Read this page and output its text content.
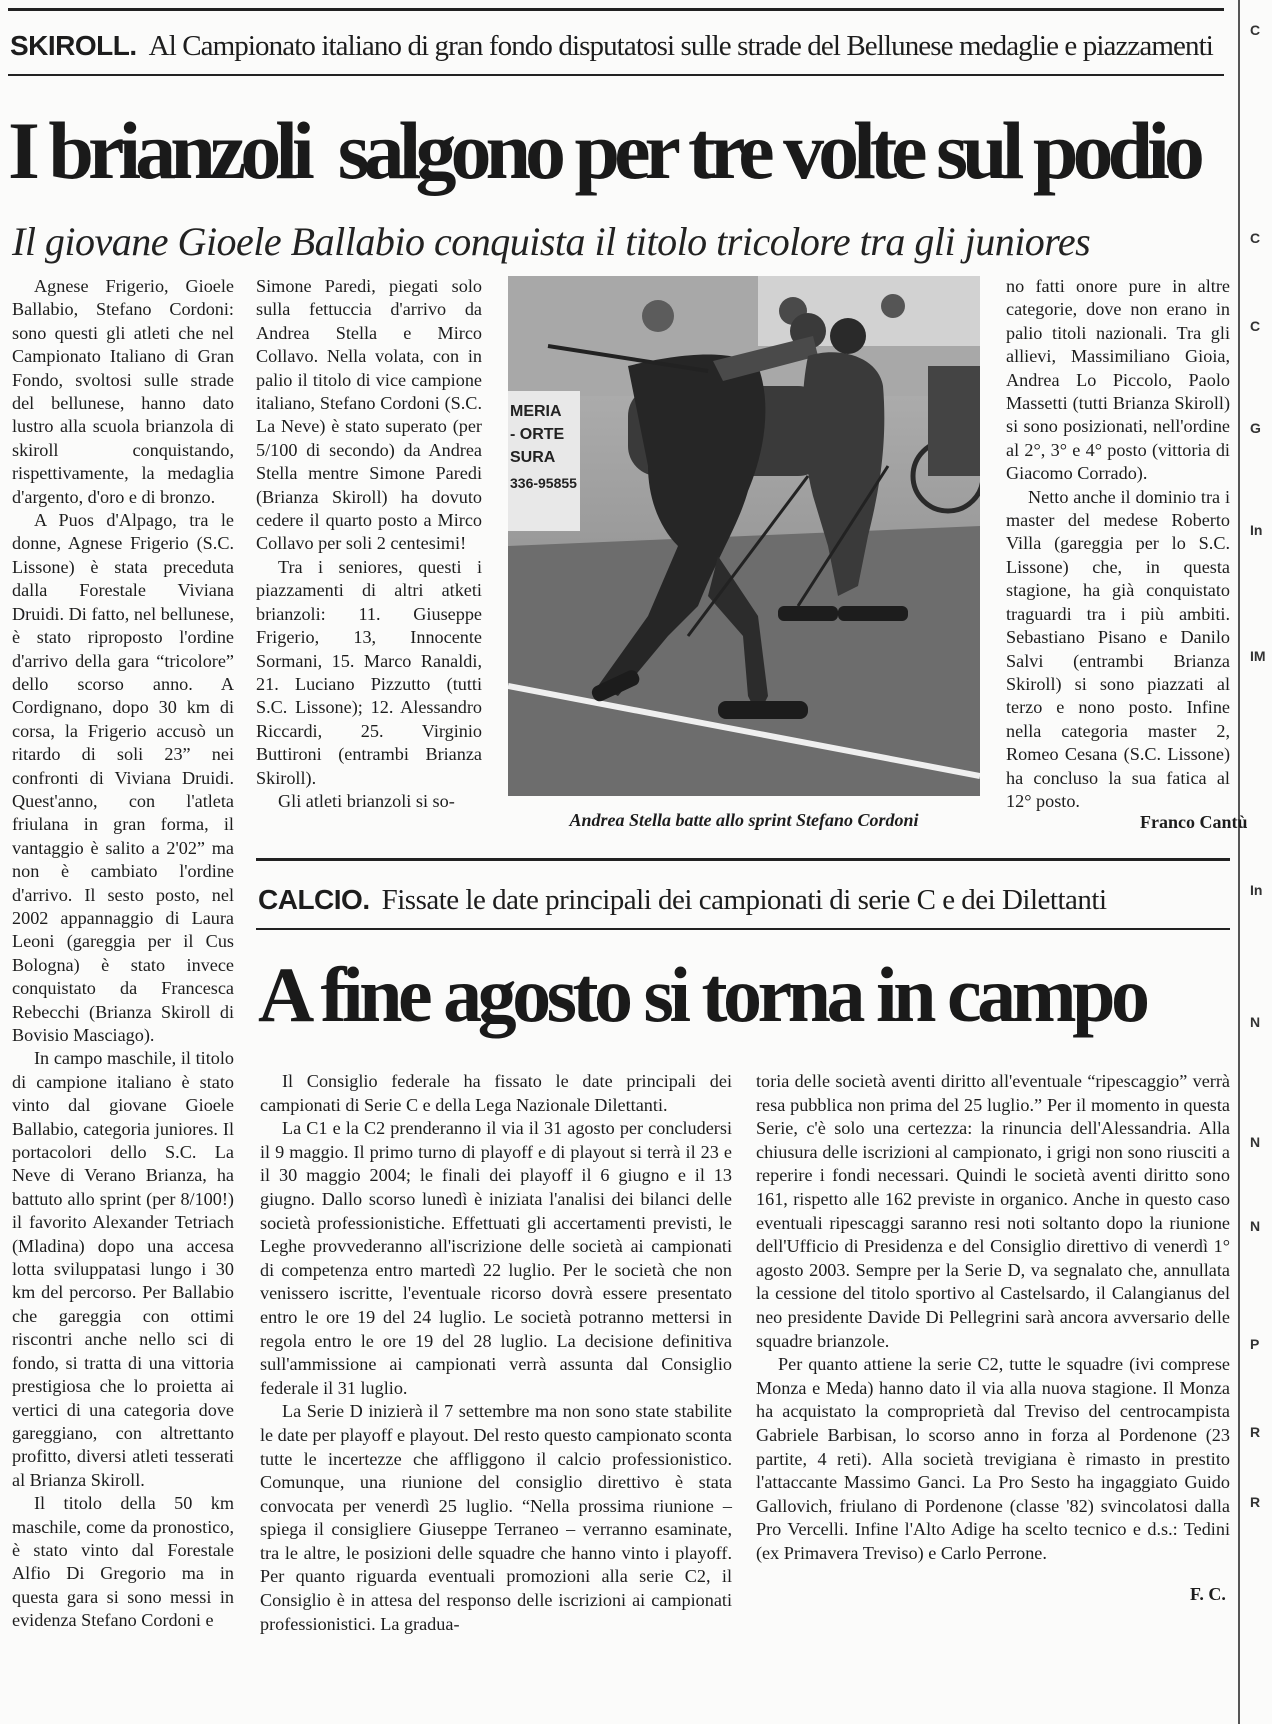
SKIROLL. Al Campionato italiano di gran fondo disputatosi sulle strade del Bellunese medaglie e piazzamenti
I brianzoli  salgono per tre volte sul podio
Il giovane Gioele Ballabio conquista il titolo tricolore tra gli juniores

Agnese Frigerio, Gioele Ballabio, Stefano Cordoni: sono questi gli atleti che nel Campionato Italiano di Gran Fondo, svoltosi sulle strade del bellunese, hanno dato lustro alla scuola brianzola di skiroll conquistando, rispettivamente, la medaglia d'argento, d'oro e di bronzo.

A Puos d'Alpago, tra le donne, Agnese Frigerio (S.C. Lissone) è stata preceduta dalla Forestale Viviana Druidi. Di fatto, nel bellunese, è stato riproposto l'ordine d'arrivo della gara “tricolore” dello scorso anno. A Cordignano, dopo 30 km di corsa, la Frigerio accusò un ritardo di soli 23” nei confronti di Viviana Druidi. Quest'anno, con l'atleta friulana in gran forma, il vantaggio è salito a 2'02” ma non è cambiato l'ordine d'arrivo. Il sesto posto, nel 2002 appannaggio di Laura Leoni (gareggia per il Cus Bologna) è stato invece conquistato da Francesca Rebecchi (Brianza Skiroll di Bovisio Masciago).

In campo maschile, il titolo di campione italiano è stato vinto dal giovane Gioele Ballabio, categoria juniores. Il portacolori dello S.C. La Neve di Verano Brianza, ha battuto allo sprint (per 8/100!) il favorito Alexander Tetriach (Mladina) dopo una accesa lotta sviluppatasi lungo i 30 km del percorso. Per Ballabio che gareggia con ottimi riscontri anche nello sci di fondo, si tratta di una vittoria prestigiosa che lo proietta ai vertici di una categoria dove gareggiano, con altrettanto profitto, diversi atleti tesserati al Brianza Skiroll.

Il titolo della 50 km maschile, come da pronostico, è stato vinto dal Forestale Alfio Di Gregorio ma in questa gara si sono messi in evidenza Stefano Cordoni e

Simone Paredi, piegati solo sulla fettuccia d'arrivo da Andrea Stella e Mirco Collavo. Nella volata, con in palio il titolo di vice campione italiano, Stefano Cordoni (S.C. La Neve) è stato superato (per 5/100 di secondo) da Andrea Stella mentre Simone Paredi (Brianza Skiroll) ha dovuto cedere il quarto posto a Mirco Collavo per soli 2 centesimi!

Tra i seniores, questi i piazzamenti di altri atketi brianzoli: 11. Giuseppe Frigerio, 13, Innocente Sormani, 15. Marco Ranaldi, 21. Luciano Pizzutto (tutti S.C. Lissone); 12. Alessandro Riccardi, 25. Virginio Buttironi (entrambi Brianza Skiroll).

Gli atleti brianzoli si so-

MERIA
- ORTE
SURA
336-95855
Andrea Stella batte allo sprint Stefano Cordoni

no fatti onore pure in altre categorie, dove non erano in palio titoli nazionali. Tra gli allievi, Massimiliano Gioia, Andrea Lo Piccolo, Paolo Massetti (tutti Brianza Skiroll) si sono posizionati, nell'ordine al 2°, 3° e 4° posto (vittoria di Giacomo Corrado).

Netto anche il dominio tra i master del medese Roberto Villa (gareggia per lo S.C. Lissone) che, in questa stagione, ha già conquistato traguardi tra i più ambiti. Sebastiano Pisano e Danilo Salvi (entrambi Brianza Skiroll) si sono piazzati al terzo e nono posto. Infine nella categoria master 2, Romeo Cesana (S.C. Lissone) ha concluso la sua fatica al 12° posto.

Franco Cantù
CALCIO. Fissate le date principali dei campionati di serie C e dei Dilettanti
A fine agosto si torna in campo

Il Consiglio federale ha fissato le date principali dei campionati di Serie C e della Lega Nazionale Dilettanti.

La C1 e la C2 prenderanno il via il 31 agosto per concludersi il 9 maggio. Il primo turno di playoff e di playout si terrà il 23 e il 30 maggio 2004; le finali dei playoff il 6 giugno e il 13 giugno. Dallo scorso lunedì è iniziata l'analisi dei bilanci delle società professionistiche. Effettuati gli accertamenti previsti, le Leghe provvederanno all'iscrizione delle società ai campionati di competenza entro martedì 22 luglio. Per le società che non venissero iscritte, l'eventuale ricorso dovrà essere presentato entro le ore 19 del 24 luglio. Le società potranno mettersi in regola entro le ore 19 del 28 luglio. La decisione definitiva sull'ammissione ai campionati verrà assunta dal Consiglio federale il 31 luglio.

La Serie D inizierà il 7 settembre ma non sono state stabilite le date per playoff e playout. Del resto questo campionato sconta tutte le incertezze che affliggono il calcio professionistico. Comunque, una riunione del consiglio direttivo è stata convocata per venerdì 25 luglio. “Nella prossima riunione – spiega il consigliere Giuseppe Terraneo – verranno esaminate, tra le altre, le posizioni delle squadre che hanno vinto i playoff. Per quanto riguarda eventuali promozioni alla serie C2, il Consiglio è in attesa del responso delle iscrizioni ai campionati professionistici. La gradua-

toria delle società aventi diritto all'eventuale “ripescaggio” verrà resa pubblica non prima del 25 luglio.” Per il momento in questa Serie, c'è solo una certezza: la rinuncia dell'Alessandria. Alla chiusura delle iscrizioni al campionato, i grigi non sono riusciti a reperire i fondi necessari. Quindi le società aventi diritto sono 161, rispetto alle 162 previste in organico. Anche in questo caso eventuali ripescaggi saranno resi noti soltanto dopo la riunione dell'Ufficio di Presidenza e del Consiglio direttivo di venerdì 1° agosto 2003. Sempre per la Serie D, va segnalato che, annullata la cessione del titolo sportivo al Castelsardo, il Calangianus del neo presidente Davide Di Pellegrini sarà ancora avversario delle squadre brianzole.

Per quanto attiene la serie C2, tutte le squadre (ivi comprese Monza e Meda) hanno dato il via alla nuova stagione. Il Monza ha acquistato la comproprietà dal Treviso del centrocampista Gabriele Barbisan, lo scorso anno in forza al Pordenone (23 partite, 4 reti). Alla società trevigiana è rimasto in prestito l'attaccante Massimo Ganci. La Pro Sesto ha ingaggiato Guido Gallovich, friulano di Pordenone (classe '82) svincolatosi dalla Pro Vercelli. Infine l'Alto Adige ha scelto tecnico e d.s.: Tedini (ex Primavera Treviso) e Carlo Perrone.

F. C.
C
C
C
G
In
IM
In
N
N
N
P
R
R
